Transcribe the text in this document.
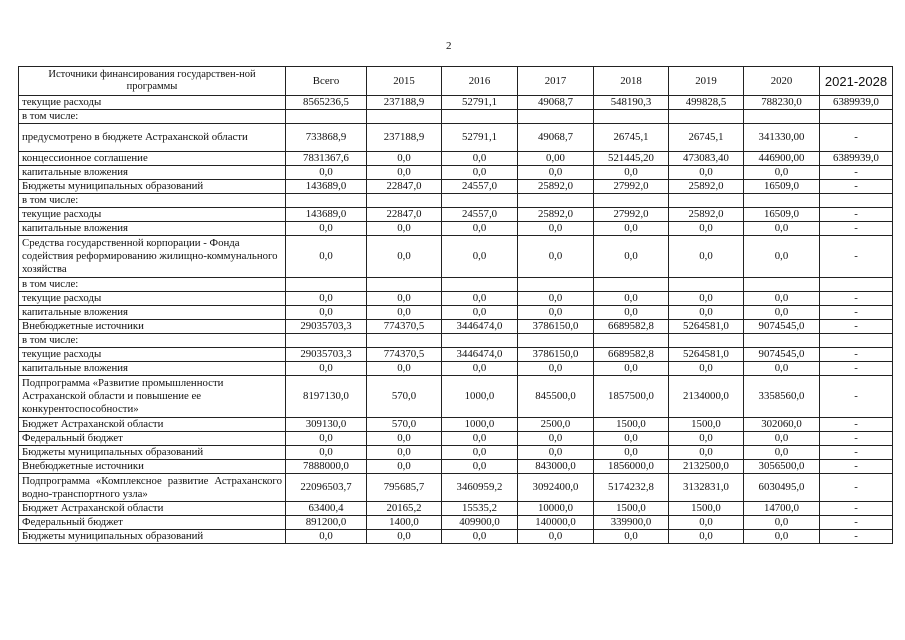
2
Источники финансирования государствен-ной программы	Всего	2015	2016	2017	2018	2019	2020	2021-2028
текущие расходы	8565236,5	237188,9	52791,1	49068,7	548190,3	499828,5	788230,0	6389939,0
в том числе:								
предусмотрено в бюджете Астраханской области	733868,9	237188,9	52791,1	49068,7	26745,1	26745,1	341330,00	-
концессионное соглашение	7831367,6	0,0	0,0	0,00	521445,20	473083,40	446900,00	6389939,0
капитальные вложения	0,0	0,0	0,0	0,0	0,0	0,0	0,0	-
Бюджеты муниципальных образований	143689,0	22847,0	24557,0	25892,0	27992,0	25892,0	16509,0	-
в том числе:								
текущие расходы	143689,0	22847,0	24557,0	25892,0	27992,0	25892,0	16509,0	-
капитальные вложения	0,0	0,0	0,0	0,0	0,0	0,0	0,0	-
Средства государственной корпорации - Фонда содействия реформированию жилищно-коммунального хозяйства	0,0	0,0	0,0	0,0	0,0	0,0	0,0	-
в том числе:								
текущие расходы	0,0	0,0	0,0	0,0	0,0	0,0	0,0	-
капитальные вложения	0,0	0,0	0,0	0,0	0,0	0,0	0,0	-
Внебюджетные источники	29035703,3	774370,5	3446474,0	3786150,0	6689582,8	5264581,0	9074545,0	-
в том числе:								
текущие расходы	29035703,3	774370,5	3446474,0	3786150,0	6689582,8	5264581,0	9074545,0	-
капитальные вложения	0,0	0,0	0,0	0,0	0,0	0,0	0,0	-
Подпрограмма «Развитие промышленности Астраханской области и повышение ее конкурентоспособности»	8197130,0	570,0	1000,0	845500,0	1857500,0	2134000,0	3358560,0	-
Бюджет Астраханской области	309130,0	570,0	1000,0	2500,0	1500,0	1500,0	302060,0	-
Федеральный бюджет	0,0	0,0	0,0	0,0	0,0	0,0	0,0	-
Бюджеты муниципальных образований	0,0	0,0	0,0	0,0	0,0	0,0	0,0	-
Внебюджетные источники	7888000,0	0,0	0,0	843000,0	1856000,0	2132500,0	3056500,0	-
Подпрограмма «Комплексное развитие Астраханского водно-транспортного узла»	22096503,7	795685,7	3460959,2	3092400,0	5174232,8	3132831,0	6030495,0	-
Бюджет Астраханской области	63400,4	20165,2	15535,2	10000,0	1500,0	1500,0	14700,0	-
Федеральный бюджет	891200,0	1400,0	409900,0	140000,0	339900,0	0,0	0,0	-
Бюджеты муниципальных образований	0,0	0,0	0,0	0,0	0,0	0,0	0,0	-
